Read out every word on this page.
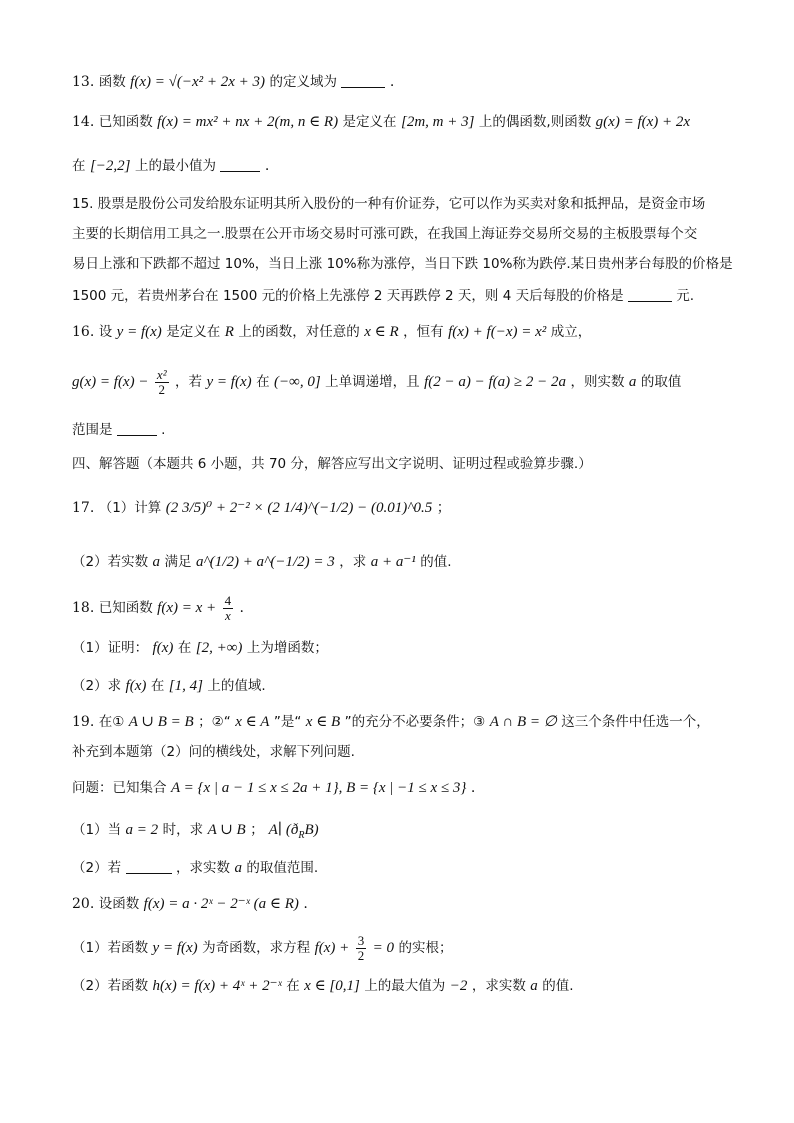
13. 函数 f(x) = √(−x² + 2x + 3) 的定义域为	.
14. 已知函数 f(x) = mx² + nx + 2(m, n ∈ R) 是定义在 [2m, m + 3] 上的偶函数,则函数 g(x) = f(x) + 2x
在 [−2,2] 上的最小值为	.
15. 股票是股份公司发给股东证明其所入股份的一种有价证券，它可以作为买卖对象和抵押品，是资金市场
主要的长期信用工具之一.股票在公开市场交易时可涨可跌，在我国上海证券交易所交易的主板股票每个交
易日上涨和下跌都不超过 10%，当日上涨 10%称为涨停，当日下跌 10%称为跌停.某日贵州茅台每股的价格是
1500 元，若贵州茅台在 1500 元的价格上先涨停 2 天再跌停 2 天，则 4 天后每股的价格是	元.
16. 设 y = f(x) 是定义在 R 上的函数，对任意的 x ∈ R ，恒有 f(x) + f(−x) = x² 成立，
$g(x) = f(x) - \frac{\text{x²}}{2}$ ，若 y = f(x) 在 (−∞, 0] 上单调递增，且 f(2 − a) − f(a) ≥ 2 − 2a ，则实数 a 的取值
范围是	.
四、解答题（本题共 6 小题，共 70 分，解答应写出文字说明、证明过程或验算步骤.）
17. （1）计算 (2 3/5)⁰ + 2⁻² × (2 1/4)^(−1/2) − (0.01)^0.5 ；
（2）若实数 a 满足 a^(1/2) + a^(−1/2) = 3 ，求 a + a⁻¹ 的值.
18. 已知函数 $f(x) = x + \frac{4}{x}$ .
（1）证明： f(x) 在 [2, +∞) 上为增函数；
（2）求 f(x) 在 [1, 4] 上的值域.
19. 在① A ∪ B = B ；②“ x ∈ A ”是“ x ∈ B ”的充分不必要条件；③ A ∩ B = ∅ 这三个条件中任选一个，
补充到本题第（2）问的横线处，求解下列问题.
问题：已知集合 A = {x | a − 1 ≤ x ≤ 2a + 1}, B = {x | −1 ≤ x ≤ 3} .
（1）当 a = 2 时，求 A ∪ B ； A∣ $(ð_RB)$
（2）若	，求实数 a 的取值范围.
20. 设函数 f(x) = a · 2ˣ − 2⁻ˣ (a ∈ R) .
（1）若函数 y = f(x) 为奇函数，求方程 $f(x) + \frac{3}{2} = 0$ 的实根；
（2）若函数 h(x) = f(x) + 4ˣ + 2⁻ˣ 在 x ∈ [0,1] 上的最大值为 −2 ，求实数 a 的值.
